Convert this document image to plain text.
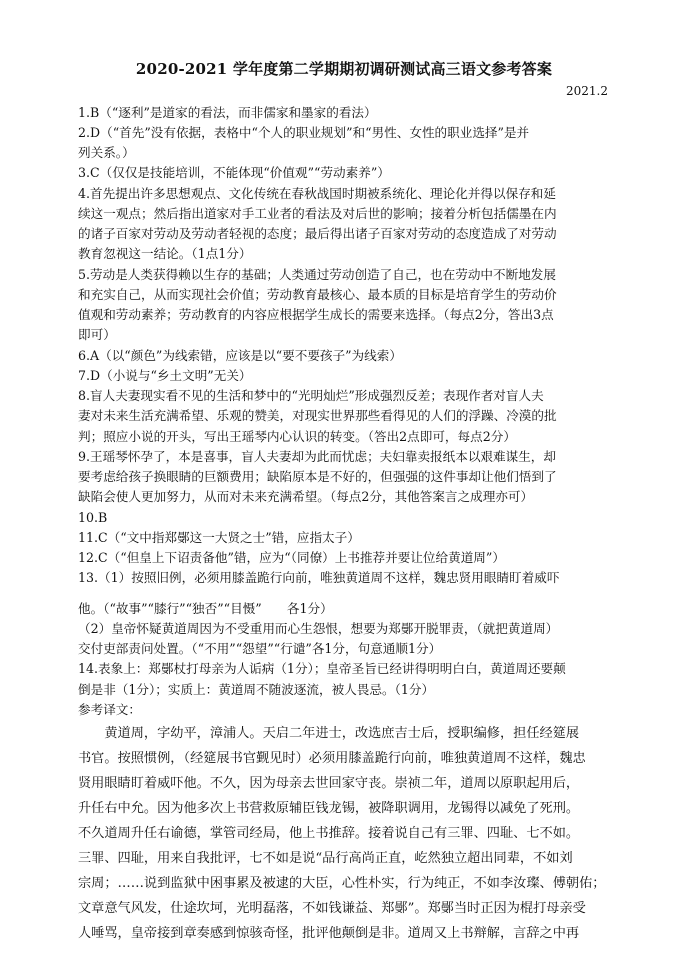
2020-2021 学年度第二学期期初调研测试高三语文参考答案
2021.2
1.B（“逐利”是道家的看法，而非儒家和墨家的看法）
2.D（“首先”没有依据，表格中“个人的职业规划”和“男性、女性的职业选择”是并
列关系。）
3.C（仅仅是技能培训，不能体现“价值观”“劳动素养”）
4.首先提出许多思想观点、文化传统在春秋战国时期被系统化、理论化并得以保存和延
续这一观点；然后指出道家对手工业者的看法及对后世的影响；接着分析包括儒墨在内
的诸子百家对劳动及劳动者轻视的态度；最后得出诸子百家对劳动的态度造成了对劳动
教育忽视这一结论。（1点1分）
5.劳动是人类获得赖以生存的基础；人类通过劳动创造了自己，也在劳动中不断地发展
和充实自己，从而实现社会价值；劳动教育最核心、最本质的目标是培育学生的劳动价
值观和劳动素养；劳动教育的内容应根据学生成长的需要来选择。（每点2分，答出3点
即可）
6.A（以“颜色”为线索错，应该是以“要不要孩子”为线索）
7.D（小说与“乡土文明”无关）
8.盲人夫妻现实看不见的生活和梦中的“光明灿烂”形成强烈反差；表现作者对盲人夫
妻对未来生活充满希望、乐观的赞美，对现实世界那些看得见的人们的浮躁、冷漠的批
判；照应小说的开头，写出王瑶琴内心认识的转变。（答出2点即可，每点2分）
9.王瑶琴怀孕了，本是喜事，盲人夫妻却为此而忧虑；夫妇靠卖报纸本以艰难谋生，却
要考虑给孩子换眼睛的巨额费用；缺陷原本是不好的，但强强的这件事却让他们悟到了
缺陷会使人更加努力，从而对未来充满希望。（每点2分，其他答案言之成理亦可）
10.B
11.C（“文中指郑鄤这一大贤之士”错，应指太子）
12.C（“但皇上下诏责备他”错，应为“（同僚）上书推荐并要让位给黄道周”）
13.（1）按照旧例，必须用膝盖跪行向前，唯独黄道周不这样，魏忠贤用眼睛盯着威吓
他。（“故事”“膝行”“独否”“目慑”　　各1分）
（2）皇帝怀疑黄道周因为不受重用而心生怨恨，想要为郑鄤开脱罪责，（就把黄道周）
交付吏部责问处置。（“不用”“怨望”“行谴”各1分，句意通顺1分）
14.表象上：郑鄤杖打母亲为人诟病（1分）；皇帝圣旨已经讲得明明白白，黄道周还要颠
倒是非（1分）；实质上：黄道周不随波逐流，被人畏忌。（1分）
参考译文：
　　黄道周，字幼平，漳浦人。天启二年进士，改选庶吉士后，授职编修，担任经筵展
书官。按照惯例，（经筵展书官觐见时）必须用膝盖跪行向前，唯独黄道周不这样，魏忠
贤用眼睛盯着威吓他。不久，因为母亲去世回家守丧。崇祯二年，道周以原职起用后，
升任右中允。因为他多次上书营救原辅臣钱龙锡，被降职调用，龙锡得以减免了死刑。
不久道周升任右谕德，掌管司经局，他上书推辞。接着说自己有三罪、四耻、七不如。
三罪、四耻，用来自我批评，七不如是说“品行高尚正直，屹然独立超出同辈，不如刘
宗周；……说到监狱中困事累及被逮的大臣，心性朴实，行为纯正，不如李汝璨、傅朝佑；
文章意气风发，仕途坎坷，光明磊落，不如钱谦益、郑鄤”。郑鄤当时正因为棍打母亲受
人唾骂，皇帝接到章奏感到惊骇奇怪，批评他颠倒是非。道周又上书辩解，言辞之中再
